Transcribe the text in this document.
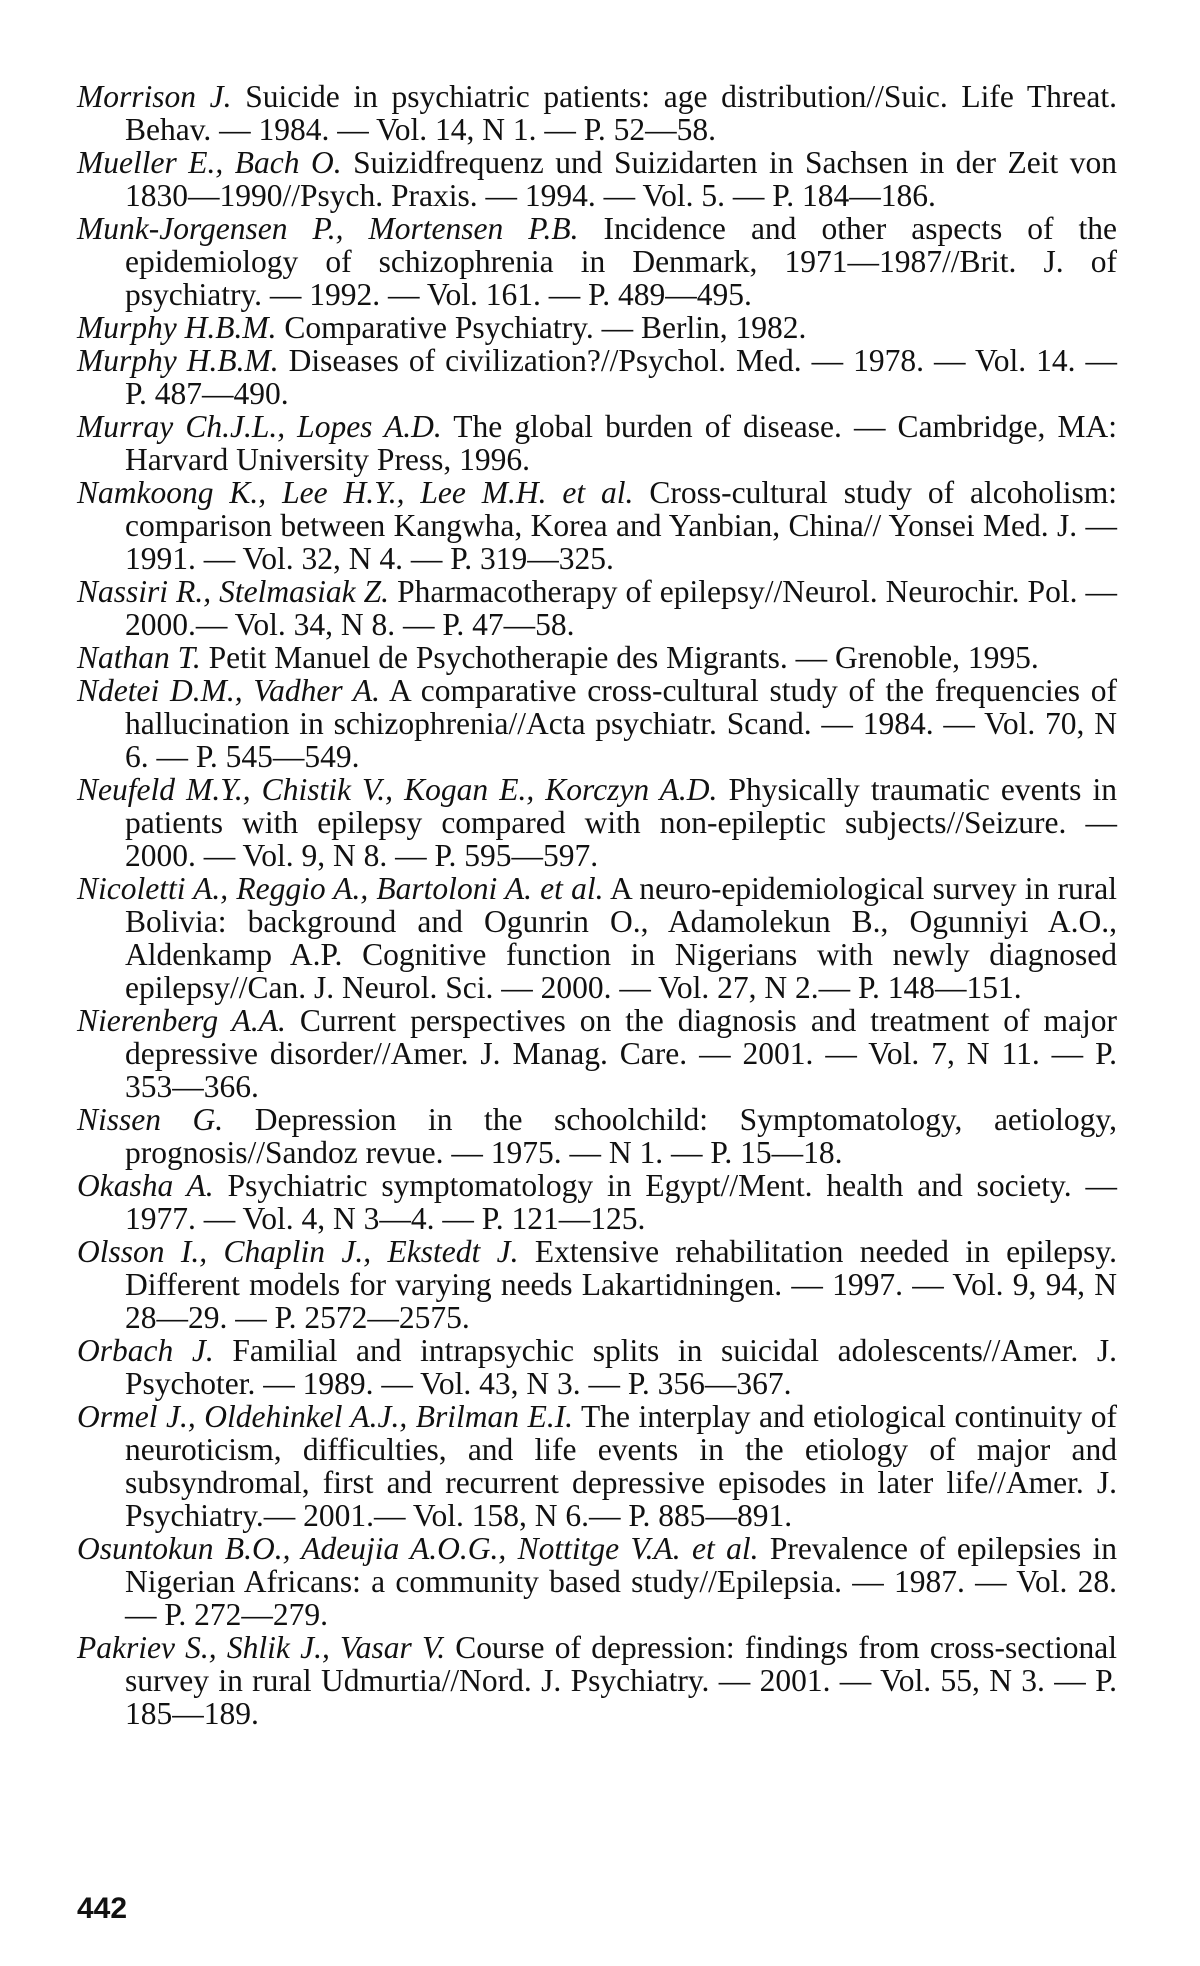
Morrison J. Suicide in psychiatric patients: age distribution//Suic. Life Threat. Behav. — 1984. — Vol. 14, N 1. — P. 52—58.

Mueller E., Bach O. Suizidfrequenz und Suizidarten in Sachsen in der Zeit von 1830—1990//Psych. Praxis. — 1994. — Vol. 5. — P. 184—186.

Munk-Jorgensen P., Mortensen P.B. Incidence and other aspects of the epidemiology of schizophrenia in Denmark, 1971—1987//Brit. J. of psychiatry. — 1992. — Vol. 161. — P. 489—495.

Murphy H.B.M. Comparative Psychiatry. — Berlin, 1982.

Murphy H.B.M. Diseases of civilization?//Psychol. Med. — 1978. — Vol. 14. — P. 487—490.

Murray Ch.J.L., Lopes A.D. The global burden of disease. — Cambridge, MA: Harvard University Press, 1996.

Namkoong K., Lee H.Y., Lee M.H. et al. Cross-cultural study of alcoholism: comparison between Kangwha, Korea and Yanbian, China// Yonsei Med. J. — 1991. — Vol. 32, N 4. — P. 319—325.

Nassiri R., Stelmasiak Z. Pharmacotherapy of epilepsy//Neurol. Neurochir. Pol. — 2000.— Vol. 34, N 8. — P. 47—58.

Nathan T. Petit Manuel de Psychotherapie des Migrants. — Grenoble, 1995.

Ndetei D.M., Vadher A. A comparative cross-cultural study of the frequencies of hallucination in schizophrenia//Acta psychiatr. Scand. — 1984. — Vol. 70, N 6. — P. 545—549.

Neufeld M.Y., Chistik V., Kogan E., Korczyn A.D. Physically traumatic events in patients with epilepsy compared with non-epileptic subjects//Seizure. — 2000. — Vol. 9, N 8. — P. 595—597.

Nicoletti A., Reggio A., Bartoloni A. et al. A neuro-epidemiological survey in rural Bolivia: background and Ogunrin O., Adamolekun B., Ogunniyi A.O., Aldenkamp A.P. Cognitive function in Nigerians with newly diagnosed epilepsy//Can. J. Neurol. Sci. — 2000. — Vol. 27, N 2.— P. 148—151.

Nierenberg A.A. Current perspectives on the diagnosis and treatment of major depressive disorder//Amer. J. Manag. Care. — 2001. — Vol. 7, N 11. — P. 353—366.

Nissen G. Depression in the schoolchild: Symptomatology, aetiology, prognosis//Sandoz revue. — 1975. — N 1. — P. 15—18.

Okasha A. Psychiatric symptomatology in Egypt//Ment. health and society. — 1977. — Vol. 4, N 3—4. — P. 121—125.

Olsson I., Chaplin J., Ekstedt J. Extensive rehabilitation needed in epilepsy. Different models for varying needs Lakartidningen. — 1997. — Vol. 9, 94, N 28—29. — P. 2572—2575.

Orbach J. Familial and intrapsychic splits in suicidal adolescents//Amer. J. Psychoter. — 1989. — Vol. 43, N 3. — P. 356—367.

Ormel J., Oldehinkel A.J., Brilman E.I. The interplay and etiological continuity of neuroticism, difficulties, and life events in the etiology of major and subsyndromal, first and recurrent depressive episodes in later life//Amer. J. Psychiatry.— 2001.— Vol. 158, N 6.— P. 885—891.

Osuntokun B.O., Adeujia A.O.G., Nottitge V.A. et al. Prevalence of epilepsies in Nigerian Africans: a community based study//Epilepsia. — 1987. — Vol. 28. — P. 272—279.

Pakriev S., Shlik J., Vasar V. Course of depression: findings from cross-sectional survey in rural Udmurtia//Nord. J. Psychiatry. — 2001. — Vol. 55, N 3. — P. 185—189.

442
